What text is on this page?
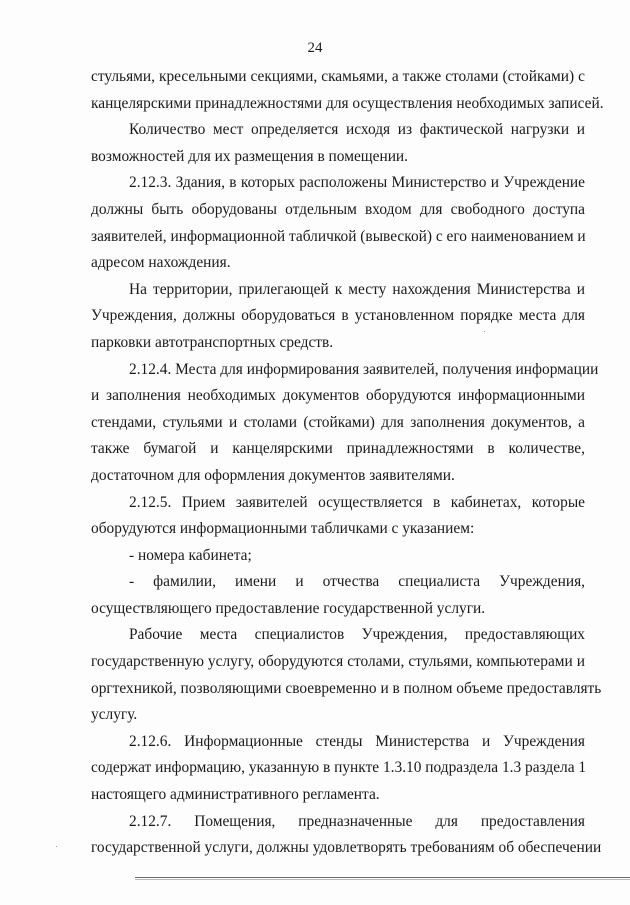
24
стульями, кресельными секциями, скамьями, а также столами (стойками) с
канцелярскими принадлежностями для осуществления необходимых записей.
Количество мест определяется исходя из фактической нагрузки и
возможностей для их размещения в помещении.
2.12.3. Здания, в которых расположены Министерство и Учреждение
должны быть оборудованы отдельным входом для свободного доступа
заявителей, информационной табличкой (вывеской) с его наименованием и
адресом нахождения.
На территории, прилегающей к месту нахождения Министерства и
Учреждения, должны оборудоваться в установленном порядке места для
парковки автотранспортных средств.
2.12.4. Места для информирования заявителей, получения информации
и заполнения необходимых документов оборудуются информационными
стендами, стульями и столами (стойками) для заполнения документов, а
также бумагой и канцелярскими принадлежностями в количестве,
достаточном для оформления документов заявителями.
2.12.5. Прием заявителей осуществляется в кабинетах, которые
оборудуются информационными табличками с указанием:
- номера кабинета;
- фамилии, имени и отчества специалиста Учреждения,
осуществляющего предоставление государственной услуги.
Рабочие места специалистов Учреждения, предоставляющих
государственную услугу, оборудуются столами, стульями, компьютерами и
оргтехникой, позволяющими своевременно и в полном объеме предоставлять
услугу.
2.12.6. Информационные стенды Министерства и Учреждения
содержат информацию, указанную в пункте 1.3.10 подраздела 1.3 раздела 1
настоящего административного регламента.
2.12.7. Помещения, предназначенные для предоставления
государственной услуги, должны удовлетворять требованиям об обеспечении
